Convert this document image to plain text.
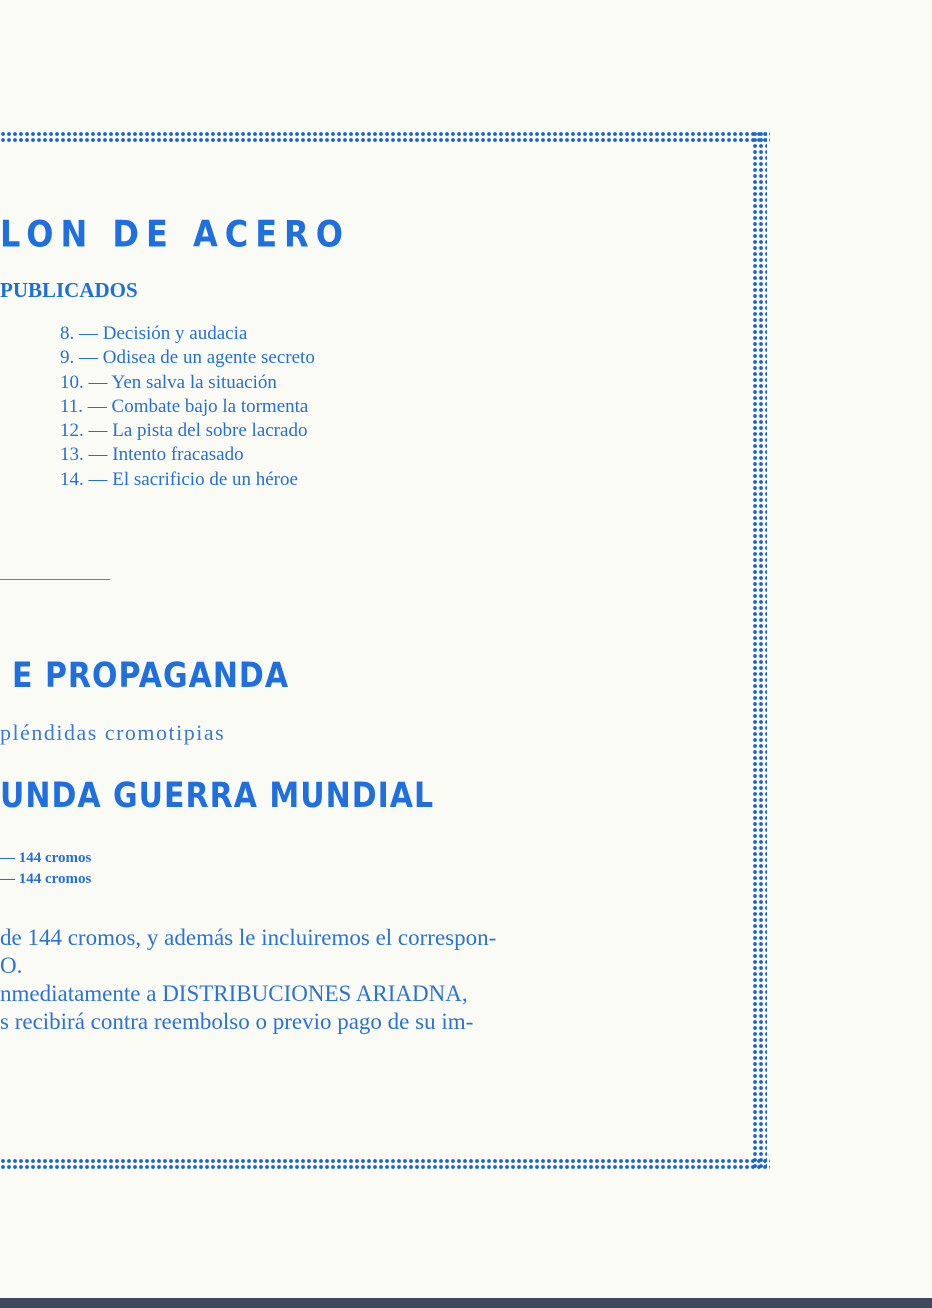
LON DE ACERO
PUBLICADOS
8. — Decisión y audacia
9. — Odisea de un agente secreto
10. — Yen salva la situación
11. — Combate bajo la tormenta
12. — La pista del sobre lacrado
13. — Intento fracasado
14. — El sacrificio de un héroe
E PROPAGANDA
pléndidas cromotipias
UNDA GUERRA MUNDIAL
— 144 cromos
— 144 cromos
de 144 cromos, y además le incluiremos el correspon-
O.
nmediatamente a DISTRIBUCIONES ARIADNA,
s recibirá contra reembolso o previo pago de su im-
